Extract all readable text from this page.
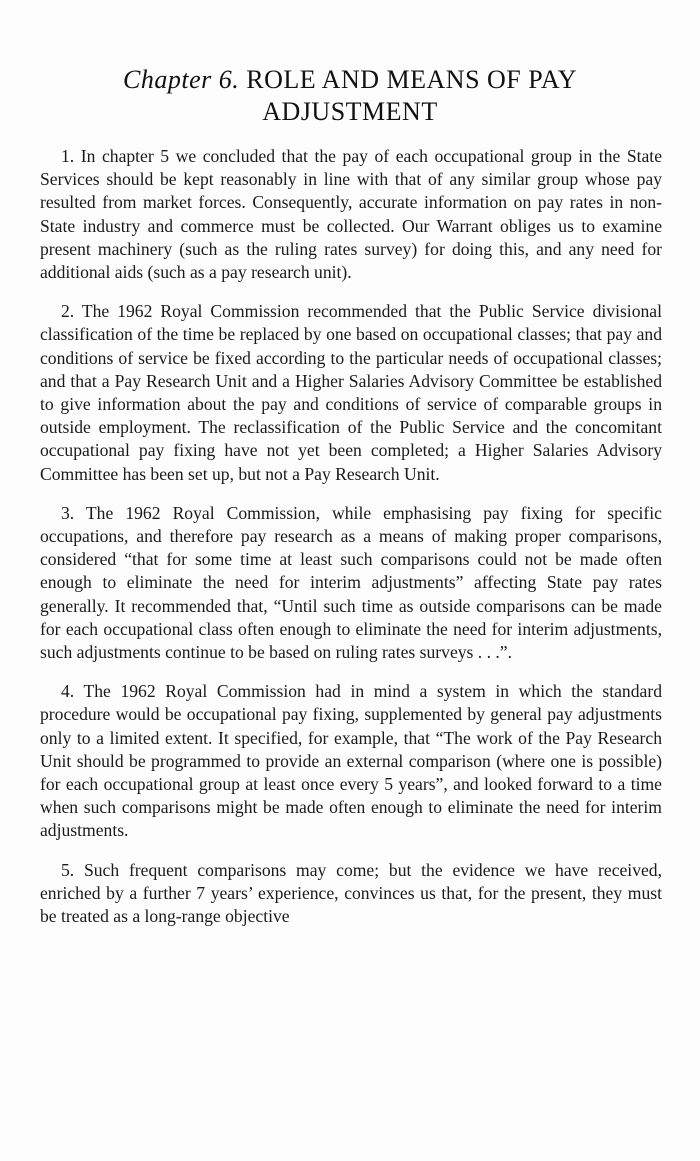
Chapter 6. ROLE AND MEANS OF PAY
ADJUSTMENT

1. In chapter 5 we concluded that the pay of each occupational group in the State Services should be kept reasonably in line with that of any similar group whose pay resulted from market forces. Consequently, accurate information on pay rates in non-State industry and commerce must be collected. Our Warrant obliges us to examine present machinery (such as the ruling rates survey) for doing this, and any need for additional aids (such as a pay research unit).

2. The 1962 Royal Commission recommended that the Public Service divisional classification of the time be replaced by one based on occupational classes; that pay and conditions of service be fixed according to the particular needs of occupational classes; and that a Pay Research Unit and a Higher Salaries Advisory Committee be established to give information about the pay and conditions of service of comparable groups in outside employment. The reclassification of the Public Service and the concomitant occupational pay fixing have not yet been completed; a Higher Salaries Advisory Committee has been set up, but not a Pay Research Unit.

3. The 1962 Royal Commission, while emphasising pay fixing for specific occupations, and therefore pay research as a means of making proper comparisons, considered “that for some time at least such comparisons could not be made often enough to eliminate the need for interim adjustments” affecting State pay rates generally. It recommended that, “Until such time as outside comparisons can be made for each occupational class often enough to eliminate the need for interim adjustments, such adjustments continue to be based on ruling rates surveys . . .”.

4. The 1962 Royal Commission had in mind a system in which the standard procedure would be occupational pay fixing, supplemented by general pay adjustments only to a limited extent. It specified, for example, that “The work of the Pay Research Unit should be programmed to provide an external comparison (where one is possible) for each occupational group at least once every 5 years”, and looked forward to a time when such comparisons might be made often enough to eliminate the need for interim adjustments.

5. Such frequent comparisons may come; but the evidence we have received, enriched by a further 7 years’ experience, convinces us that, for the present, they must be treated as a long-range objective
